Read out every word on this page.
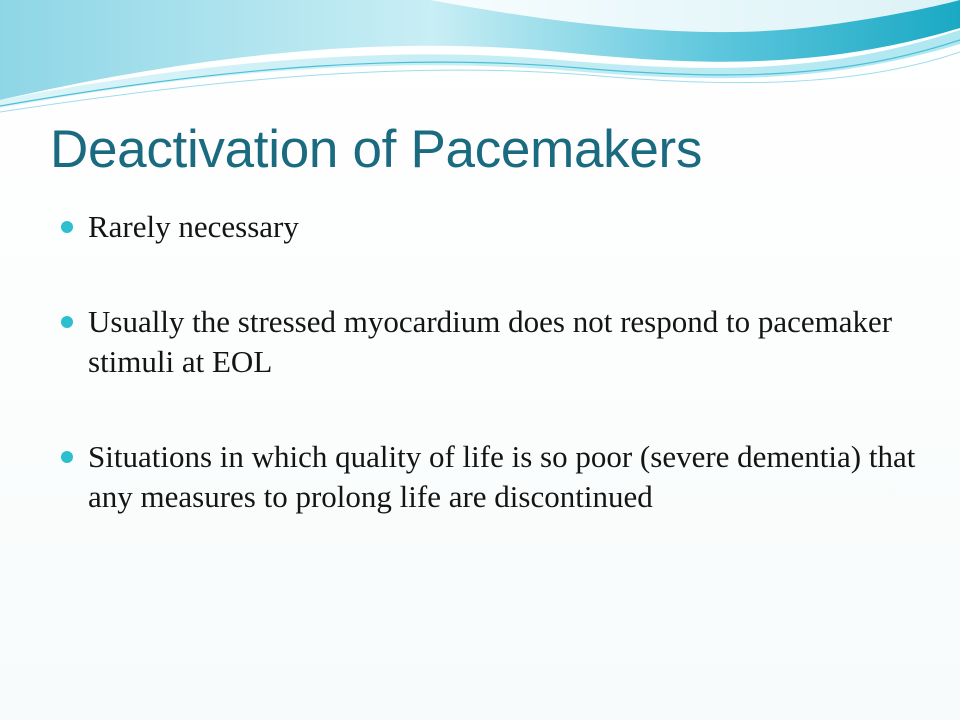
Deactivation of Pacemakers
Rarely necessary
Usually the stressed myocardium does not respond to pacemaker stimuli at EOL
Situations in which quality of life is so poor (severe dementia) that any measures to prolong life are discontinued
